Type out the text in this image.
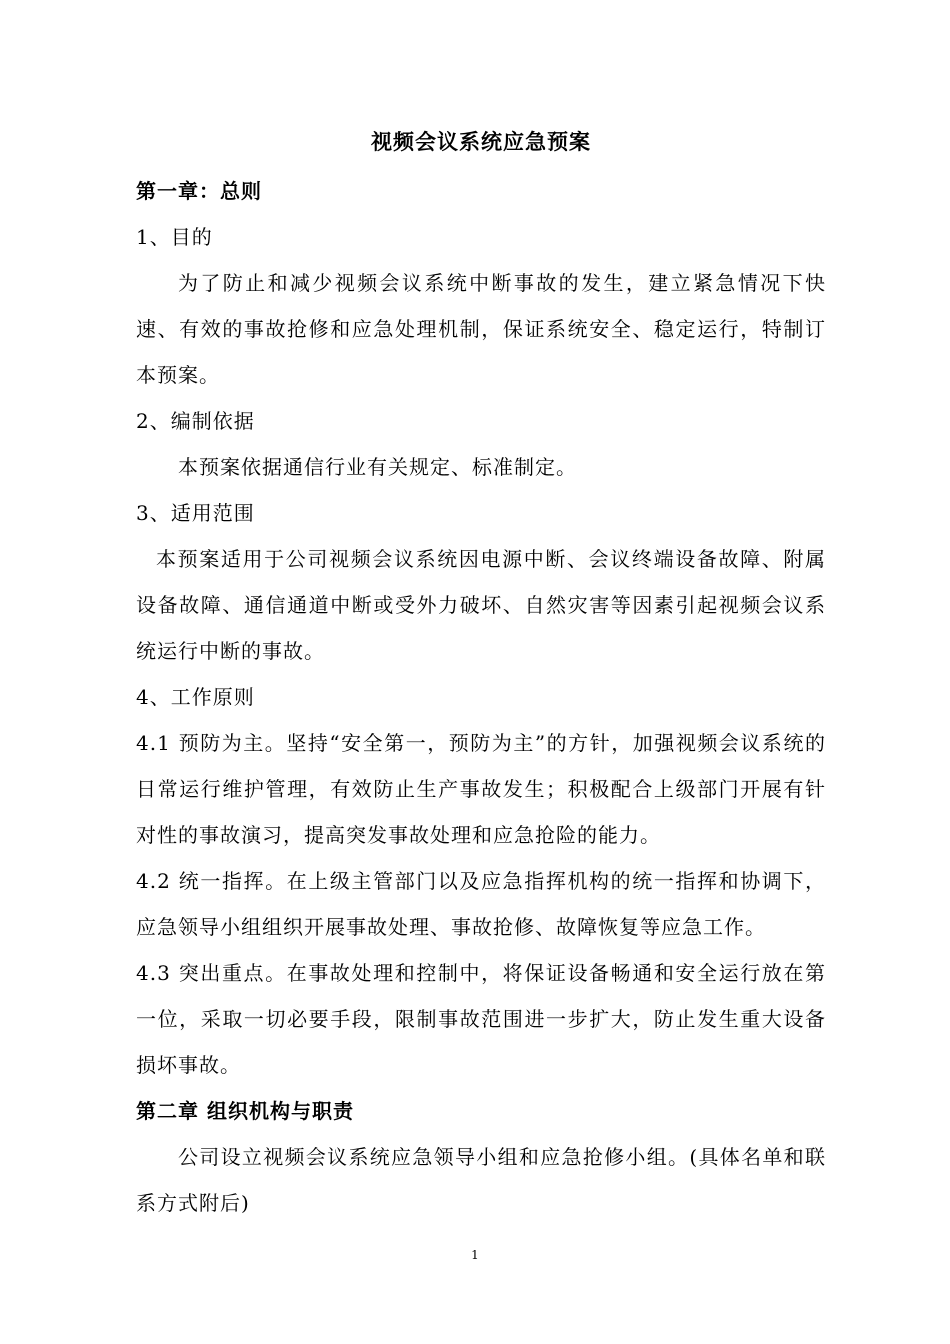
视频会议系统应急预案
第一章：总则
1、目的
为了防止和减少视频会议系统中断事故的发生，建立紧急情况下快速、有效的事故抢修和应急处理机制，保证系统安全、稳定运行，特制订本预案。
2、编制依据
本预案依据通信行业有关规定、标准制定。
3、适用范围
本预案适用于公司视频会议系统因电源中断、会议终端设备故障、附属设备故障、通信通道中断或受外力破坏、自然灾害等因素引起视频会议系统运行中断的事故。
4、工作原则
4.1 预防为主。坚持“安全第一，预防为主”的方针，加强视频会议系统的日常运行维护管理，有效防止生产事故发生；积极配合上级部门开展有针对性的事故演习，提高突发事故处理和应急抢险的能力。
4.2 统一指挥。在上级主管部门以及应急指挥机构的统一指挥和协调下，应急领导小组组织开展事故处理、事故抢修、故障恢复等应急工作。
4.3 突出重点。在事故处理和控制中，将保证设备畅通和安全运行放在第一位，采取一切必要手段，限制事故范围进一步扩大，防止发生重大设备损坏事故。
第二章 组织机构与职责
公司设立视频会议系统应急领导小组和应急抢修小组。(具体名单和联系方式附后)
1
